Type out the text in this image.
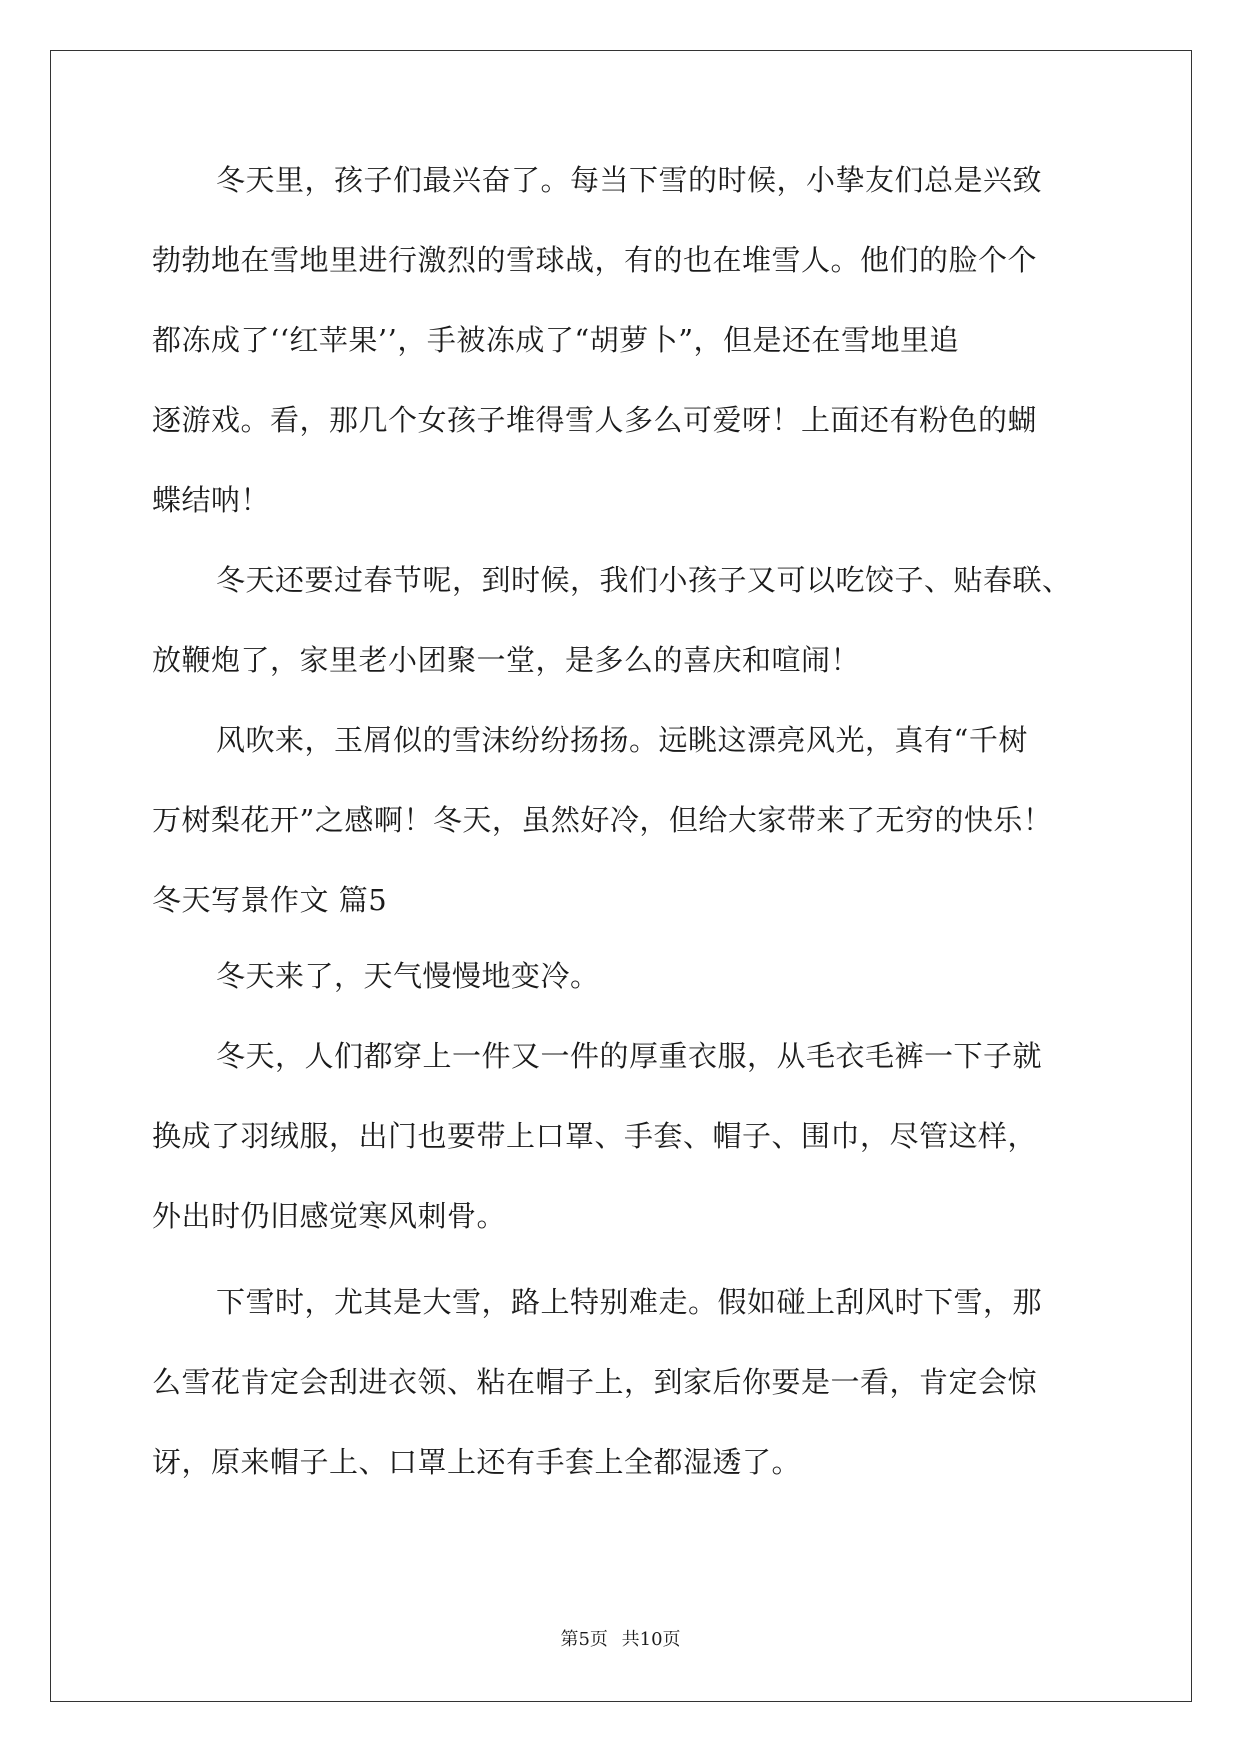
冬天里，孩子们最兴奋了。每当下雪的时候，小挚友们总是兴致
勃勃地在雪地里进行激烈的雪球战，有的也在堆雪人。他们的脸个个
都冻成了‘‘红苹果’’，手被冻成了“胡萝卜”，但是还在雪地里追
逐游戏。看，那几个女孩子堆得雪人多么可爱呀！上面还有粉色的蝴
蝶结呐！
冬天还要过春节呢，到时候，我们小孩子又可以吃饺子、贴春联、
放鞭炮了，家里老小团聚一堂，是多么的喜庆和喧闹！
风吹来，玉屑似的雪沫纷纷扬扬。远眺这漂亮风光，真有“千树
万树梨花开”之感啊！冬天，虽然好冷，但给大家带来了无穷的快乐！
冬天写景作文 篇5
冬天来了，天气慢慢地变冷。
冬天，人们都穿上一件又一件的厚重衣服，从毛衣毛裤一下子就
换成了羽绒服，出门也要带上口罩、手套、帽子、围巾，尽管这样，
外出时仍旧感觉寒风刺骨。
下雪时，尤其是大雪，路上特别难走。假如碰上刮风时下雪，那
么雪花肯定会刮进衣领、粘在帽子上，到家后你要是一看，肯定会惊
讶，原来帽子上、口罩上还有手套上全都湿透了。
第5页 共10页
